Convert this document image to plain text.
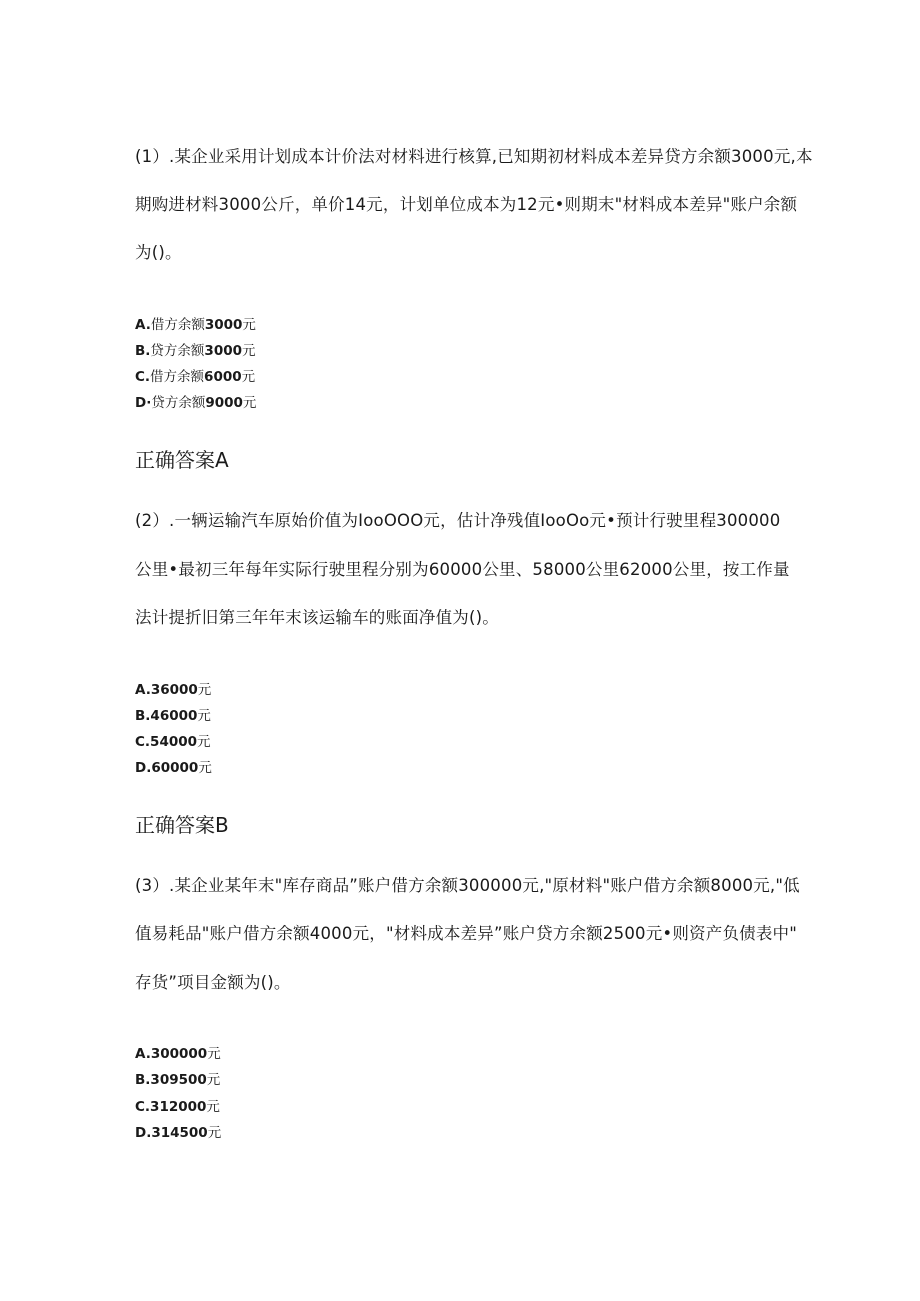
(1）.某企业采用计划成本计价法对材料进行核算,已知期初材料成本差异贷方余额3000元,本
期购进材料3000公斤，单价14元，计划单位成本为12元•则期末"材料成本差异"账户余额
为()。
A.借方余额3000元
B.贷方余额3000元
C.借方余额6000元
D·贷方余额9000元
正确答案A
(2）.一辆运输汽车原始价值为IooOOO元，估计净残值IooOo元•预计行驶里程300000
公里•最初三年每年实际行驶里程分别为60000公里、58000公里62000公里，按工作量
法计提折旧第三年年末该运输车的账面净值为()。
A.36000元
B.46000元
C.54000元
D.60000元
正确答案B
(3）.某企业某年末"库存商品”账户借方余额300000元,"原材料"账户借方余额8000元,"低
值易耗品"账户借方余额4000元，"材料成本差异”账户贷方余额2500元•则资产负债表中"
存货”项目金额为()。
A.300000元
B.309500元
C.312000元
D.314500元
